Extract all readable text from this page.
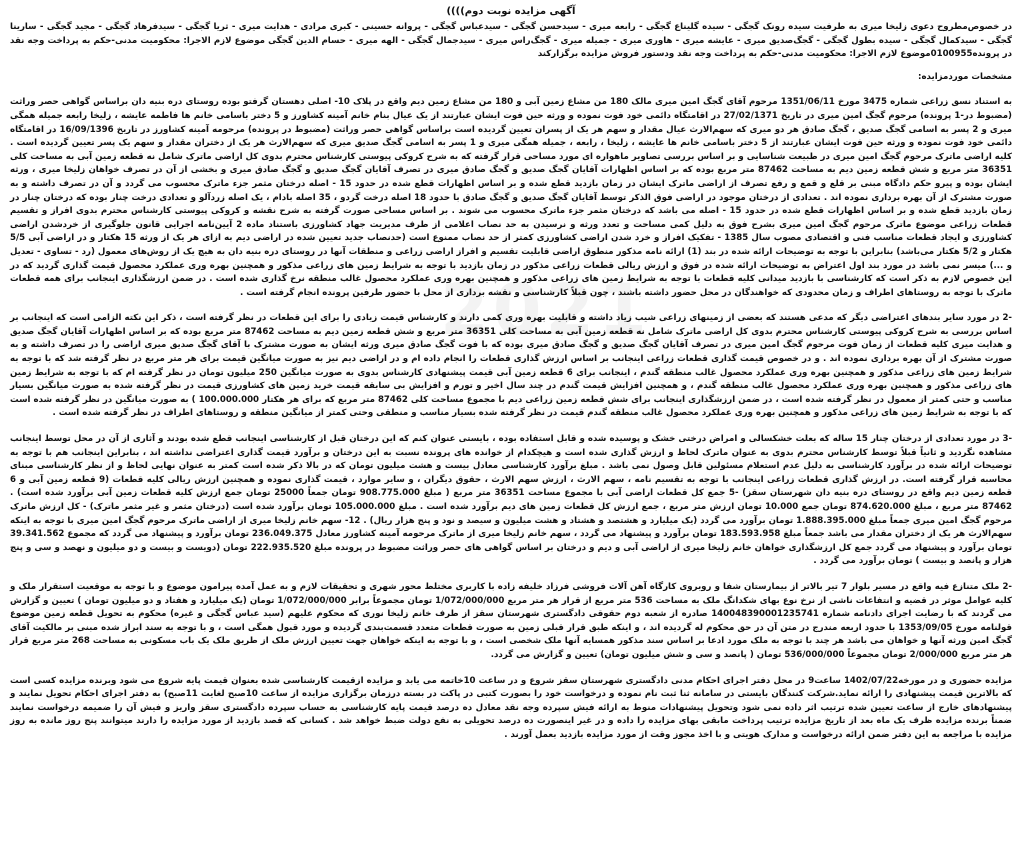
آگهی مزایده نوبت دوم))))

در خصوص‌مطروح دعوی زلیخا میری به طرفیت سیده رونک گجگی - سیده گلیناع گجگی - رابعه میری - سیدحسن گجگی - سیدعباس گجگی - پروانه حسینی - کبری مرادی - هدایت میری - ثریا گجگی - سیدفرهاد گجگی - مجید گجگی - سارینا گجگی - سیدکمال گجگی - سیده بطول گجگی - گجگ‌صدیق میری - عایشه میری - هاوری میری - جمیله میری - گجگ‌راس میری - سیدجمال گجگی - الهه میری - حسام الدین گجگی موضوع لازم الاجرا: محکومیت مدنی-حکم به پرداخت وجه نقد در پرونده0100955موضوع لازم الاجرا: محکومیت مدنی-حکم به پرداخت وجه نقد ودستور فروش مزایده برگزارکند

مشخصات مورد‌مزایده:

به استناد نسق زراعی شماره 3475 مورخ 1351/06/11 مرحوم آقای گجگ امین میری مالک 180 من مشاع زمین آبی و 180 من مشاع زمین دیم واقع در پلاک 10- اصلی دهستان گرفتو بوده روستای دره بنیه دان براساس گواهی حصر وراثت (مضبوط در-1 پرونده) مرحوم گجگ امین میری در تاریخ 27/02/1371 در اقامتگاه دائمی خود فوت نموده و ورثه حین فوت ایشان عبارتند از یک عیال بنام خانم آمینه کشاورز و 5 دختر باسامی خانم ها فاطمه عایشه ، زلیخا رابعه جمیله همگی میری و 2 پسر به اسامی گجگ صدیق ، گجگ صادق هر دو میری که سهم‌الارث عیال مقدار و سهم هر یک از پسران تعیین گردیده است براساس گواهی حصر وراثت (مضبوط در پرونده) مرحومه آمینه کشاورز در تاریخ 16/09/1396 در اقامتگاه دائمی خود فوت نموده و ورثه حین فوت ایشان عبارتند از 5 دختر باسامی خانم ها عایشه ، زلیخا ، رابعه ، جمیله همگی میری و 1 پسر به اسامی گجگ صدیق میری که سهم‌الارث هر یک از دختران مقدار و سهم یک پسر تعیین گردیده است . کلیه اراضی ماترک مرحوم گجگ امین میری در طبیعت شناسایی و بر اساس بررسی تصاویر ماهواره ای مورد مساحی قرار گرفته که به شرح کروکی پیوستی کارشناس محترم بدوی کل اراضی ماترک شامل نه قطعه زمین آبی به مساحت کلی 36351 متر مربع و شش قطعه زمین دیم به مساحت 87462 متر مربع بوده که بر اساس اظهارات آقایان گجگ صدیق و گجگ صادق میری در تصرف آقایان گجگ صدیق و گجگ صادق میری و بخشی از آن در تصرف خواهان زلیخا میری ، ورثه ایشان بوده و پیرو حکم دادگاه مبنی بر قلع و قمع و رفع تصرف از اراضی ماترک ایشان در زمان بازدید قطع شده و بر اساس اظهارات قطع شده در حدود 15 - اصله درختان مثمر جزء ماترک محسوب می گردد و آن در تصرف داشته و به صورت مشترک از آن بهره برداری نموده اند . تعدادی از درختان موجود در اراضی فوق الذکر توسط آقایان گجگ صدیق و گجگ صادق با حدود 18 اصله درخت گردو ، 35 اصله بادام ، یک اصله زردآلو و تعدادی درخت چنار بوده که درختان چنار در زمان بازدید قطع شده و بر اساس اظهارات قطع شده در حدود 15 - اصله می باشد که درختان مثمر جزء ماترک محسوب می شوند . بر اساس مساحی صورت گرفته به شرح نقشه و کروکی پیوستی کارشناس محترم بدوی افراز و تقسیم قطعات زراعی موضوع ماترک مرحوم گجگ امین میری بشرح فوق به دلیل کمی مساحت و تعدد ورثه و نرسیدن به حد نصاب اعلامی از طرف مدیریت جهاد کشاورزی باستناد ماده 2 آیین‌نامه اجرایی قانون جلوگیری از خردشدن اراضی کشاورزی و ایجاد قطعات مناسب فنی و اقتصادی مصوب سال 1385 - تفکیک افراز و خرد شدن اراضی کشاورزی کمتر از حد نصاب ممنوع است (حدنصاب جدید تعیین شده در اراضی دیم به ازای هر یک از ورثه 15 هکتار و در اراضی آبی 5/5 هکتار و 5/2 هکتار می‌باشد) بنابراین با توجه به توضیحات ارائه شده در بند (1) ارائه نامه مذکور منطوق اراضی قابلیت تقسیم و افراز اراضی زراعی و منطقات آنها در روستای دره بنیه دان به هیچ یک از روش‌های معمول (رد - تساوی - تعدیل و ...) میسر نمی باشد در مورد بند اول اعتراض به توضیحات ارائه شده در فوق و ارزش ریالی قطعات زراعی مذکور در زمان بازدید با توجه به شرایط زمین های زراعی مذکور و همچنین بهره وری عملکرد محصول قیمت گذاری گردید که در این خصوص لازم به ذکر است که کارشناسی با بازدید میدانی کلیه قطعات با توجه به شرایط زمین های زراعی مذکور و همچنین بهره وری عملکرد محصول غالب منطقه نرخ گذاری شده است . در ضمن ارزشگذاری اینجانب برای همه قطعات ماترک با توجه به روستاهای اطراف و زمان محدودی که خواهندگان در محل حضور داشته باشند ، چون قبلاً کارشناسی و نقشه برداری از محل با حضور طرفین پرونده انجام گرفته است .

-2 در مورد سایر بندهای اعتراضی دیگر که مدعی هستند که بعضی از زمینهای زراعی شیب زیاد داشته و قابلیت بهره وری کمی دارند و کارشناس قیمت زیادی را برای این قطعات در نظر گرفته است ، ذکر این نکته الزامی است که اینجانب بر اساس بررسی به شرح کروکی پیوستی کارشناس محترم بدوی کل اراضی ماترک شامل نه قطعه زمین آبی به مساحت کلی 36351 متر مربع و شش قطعه زمین دیم به مساحت 87462 متر مربع بوده که بر اساس اظهارات آقایان گجگ صدیق و هدایت میری کلیه قطعات از زمان فوت مرحوم گجگ امین میری در تصرف آقایان گجگ صدیق و گجگ صادق میری بوده که با فوت گجگ صادق میری ورثه ایشان به صورت مشترک با آقای گجگ صدیق میری اراضی را در تصرف داشته و به صورت مشترک از آن بهره برداری نموده اند . و در خصوص قیمت گذاری قطعات زراعی اینجانب بر اساس ارزش گذاری قطعات را انجام داده ام و در اراضی دیم نیز به صورت میانگین قیمت برای هر متر مربع در نظر گرفته شد که با توجه به شرایط زمین های زراعی مذکور و همچنین بهره وری عملکرد محصول غالب منطقه گندم ، اینجانب برای 6 قطعه زمین آبی قیمت پیشنهادی کارشناس بدوی به صورت میانگین 250 میلیون تومان در نظر گرفته ام که با توجه به شرایط زمین های زراعی مذکور و همچنین بهره وری عملکرد محصول غالب منطقه گندم ، و همچنین افزایش قیمت گندم در چند سال اخیر و تورم و افزایش بی سابقه قیمت خرید زمین های کشاورزی قیمت در نظر گرفته شده به صورت میانگین بسیار مناسب و حتی کمتر از معمول در نظر گرفته شده است ، در ضمن ارزشگذاری اینجانب برای شش قطعه زمین زراعی دیم با مجموع مساحت کلی 87462 متر مربع که برای هر هکتار 100.000.000 ) به صورت میانگین در نظر گرفته شده است که با توجه به شرایط زمین های زراعی مذکور و همچنین بهره وری عملکرد محصول غالب منطقه گندم قیمت در نظر گرفته شده بسیار مناسب و منطقی وحتی کمتر از میانگین منطقه و روستاهای اطراف در نظر گرفته شده است .

-3 در مورد تعدادی از درختان چنار 15 ساله که بعلت خشکسالی و امراض درختی خشک و پوسیده شده و قابل استفاده بوده ، بایستی عنوان کنم که این درختان قبل از کارشناسی اینجانب قطع شده بودند و آثاری از آن در محل توسط اینجانب مشاهده نگردید و ثانیاً قبلاً توسط کارشناس محترم بدوی به عنوان ماترک لحاظ و ارزش گذاری شده است و هیچکدام از خوانده های پرونده نسبت به این درختان و برآورد قیمت گذاری اعتراضی نداشته اند ، بنابراین اینجانب هم با توجه به توضیحات ارائه شده در برآورد کارشناسی به دلیل عدم استعلام مسئولین قابل وصول نمی باشد . مبلغ برآورد کارشناسی معادل بیست و هشت میلیون تومان که در بالا ذکر شده است کمتر به عنوان نهایی لحاظ و از نظر کارشناسی مبنای محاسبه قرار گرفته است. در ارزش گذاری قطعات زراعی اینجانب با توجه به تقسیم نامه ، سهم الارث ، ارزش سهم الارث ، حقوق دیگران ، و سایر موارد ، قیمت گذاری نموده و همچنین ارزش ریالی کلیه قطعات (9 قطعه زمین آبی و 6 قطعه زمین دیم واقع در روستای دره بنیه دان شهرستان سقز) -5 جمع کل قطعات اراضی آبی با مجموع مساحت 36351 متر مربع ( مبلغ 908.775.000 تومان جمعاً 25000 تومان جمع ارزش کلیه قطعات زمین آبی برآورد شده است) . 87462 متر مربع ، مبلغ 874.620.000 تومان جمع 10.000 تومان ارزش متر مربع ، جمع ارزش کل قطعات زمین های دیم برآورد شده است . مبلغ 105.000.000 تومان برآورد شده است (درختان مثمر و غیر مثمر ماترک) - کل ارزش ماترک مرحوم گجگ امین میری جمعاً مبلغ 1.888.395.000 تومان برآورد می گردد (یک میلیارد و هشتصد و هشتاد و هشت میلیون و سیصد و نود و پنج هزار ریال) . 12- سهم خانم زلیخا میری از اراضی ماترک مرحوم گجگ امین میری با توجه به اینکه سهم‌الارث هر یک از دختران مقدار می باشد جمعاً مبلغ 183.593.958 تومان برآورد و پیشنهاد می گردد ، سهم خانم زلیخا میری از ماترک مرحومه آمینه کشاورز معادل 236.049.375 تومان برآورد و پیشنهاد می گردد که مجموع 39.341.562 تومان برآورد و پیشنهاد می گردد جمع کل ارزشگذاری خواهان خانم زلیخا میری از اراضی آبی و دیم و درختان بر اساس گواهی های حصر وراثت مضبوط در پرونده مبلغ 222.935.520 تومان (دویست و بیست و دو میلیون و نهصد و سی و پنج هزار و پانصد و بیست ) تومان برآورد می گردد .

-2 ملک متنازع فیه واقع در مسیر بلوار 7 تیر بالاتر از بیمارستان شفا و روبروی کارگاه آهن آلات فروشی فرزاد خلیفه زاده با کاربری مختلط محور شهری و تحقیقات لازم و به عمل آمده پیرامون موضوع و با توجه به موقعیت استقرار ملک و کلیه عوامل موثر در قضیه و انتفاعات ناشی از نرخ نوع بهای شکدانگ ملک به مساحت 536 متر مربع از قرار هر متر مربع 1/072/000/000 تومان مجموعاً برابر 1/072/000/000 تومان (یک میلیارد و هفتاد و دو میلیون تومان ) تعیین و گزارش می گردند که با رضایت اجرای دادنامه شماره 140048390001235741 صادره از شعبه دوم حقوقی دادگستری شهرستان سقز از طرف خانم زلیخا نوری که محکوم علیهم (سید عباس گجگی و غیره) محکوم به تحویل قطعه زمین موضوع قولنامه مورخ 1353/09/05 با حدود اربعه مندرج در متن آن در حق محکوم له گردیده اند ، و اینکه طبق قرار قبلی زمین به صورت قطعات متعدد قسمت‌بندی گردیده و مورد قبول همگی است ، و با توجه به سند ابراز شده مبنی بر مالکیت آقای گجگ امین ورثه آنها و خواهان می باشد هر چند با توجه به ملک مورد ادعا بر اساس سند مذکور همسایه آنها ملک شخصی است ، و با توجه به اینکه خواهان جهت تعیین ارزش ملک از طریق ملک یک باب مسکونی به مساحت 268 متر مربع قرار هر متر مربع 2/000/000 تومان مجموعاً 536/000/000 تومان ( پانصد و سی و شش میلیون تومان) تعیین و گزارش می گردد.

مزایده حضوری و در مورخه1402/07/22 ساعت9 در محل دفتر اجرای احکام مدنی دادگستری شهرستان سقز شروع و در ساعت 10خاتمه می یابد و مزایده ازقیمت کارشناسی شده بعنوان قیمت پایه شروع می شود وبرنده مزایده کسی است که بالاترین قیمت پیشنهادی را ارائه نماید.شرکت کنندگان بایستی در سامانه ثنا ثبت نام نموده و درخواست خود را بصورت کتبی در پاکت در بسته درزمان برگزاری مزایده از ساعت 10صبح لغایت 11صبح) به دفتر اجرای احکام تحویل نمایند و پیشنهادهای خارج از ساعت تعیین شده ترتیب اثر داده نمی شود وتحویل پیشنهادات منوط به ارائه فیش سپرده وجه نقد معادل ده درصد قیمت پایه کارشناسی به حساب سپرده دادگستری سقز واریز و فیش آن را ضمیمه درخواست نمایند ضمناً برنده مزایده ظرف یک ماه بعد از تاریخ مزایده ترتیب پرداخت مابقی بهای مزایده را داده و در غیر اینصورت ده درصد تحویلی به نفع دولت ضبط خواهد شد . کسانی که قصد بازدید از مورد مزایده را دارند میتوانند پنج روز مانده به روز مزایده با مراجعه به این دفتر ضمن ارائه درخواست و مدارک هویتی و با اخذ مجوز وقت از مورد مزایده بازدید بعمل آورند .
